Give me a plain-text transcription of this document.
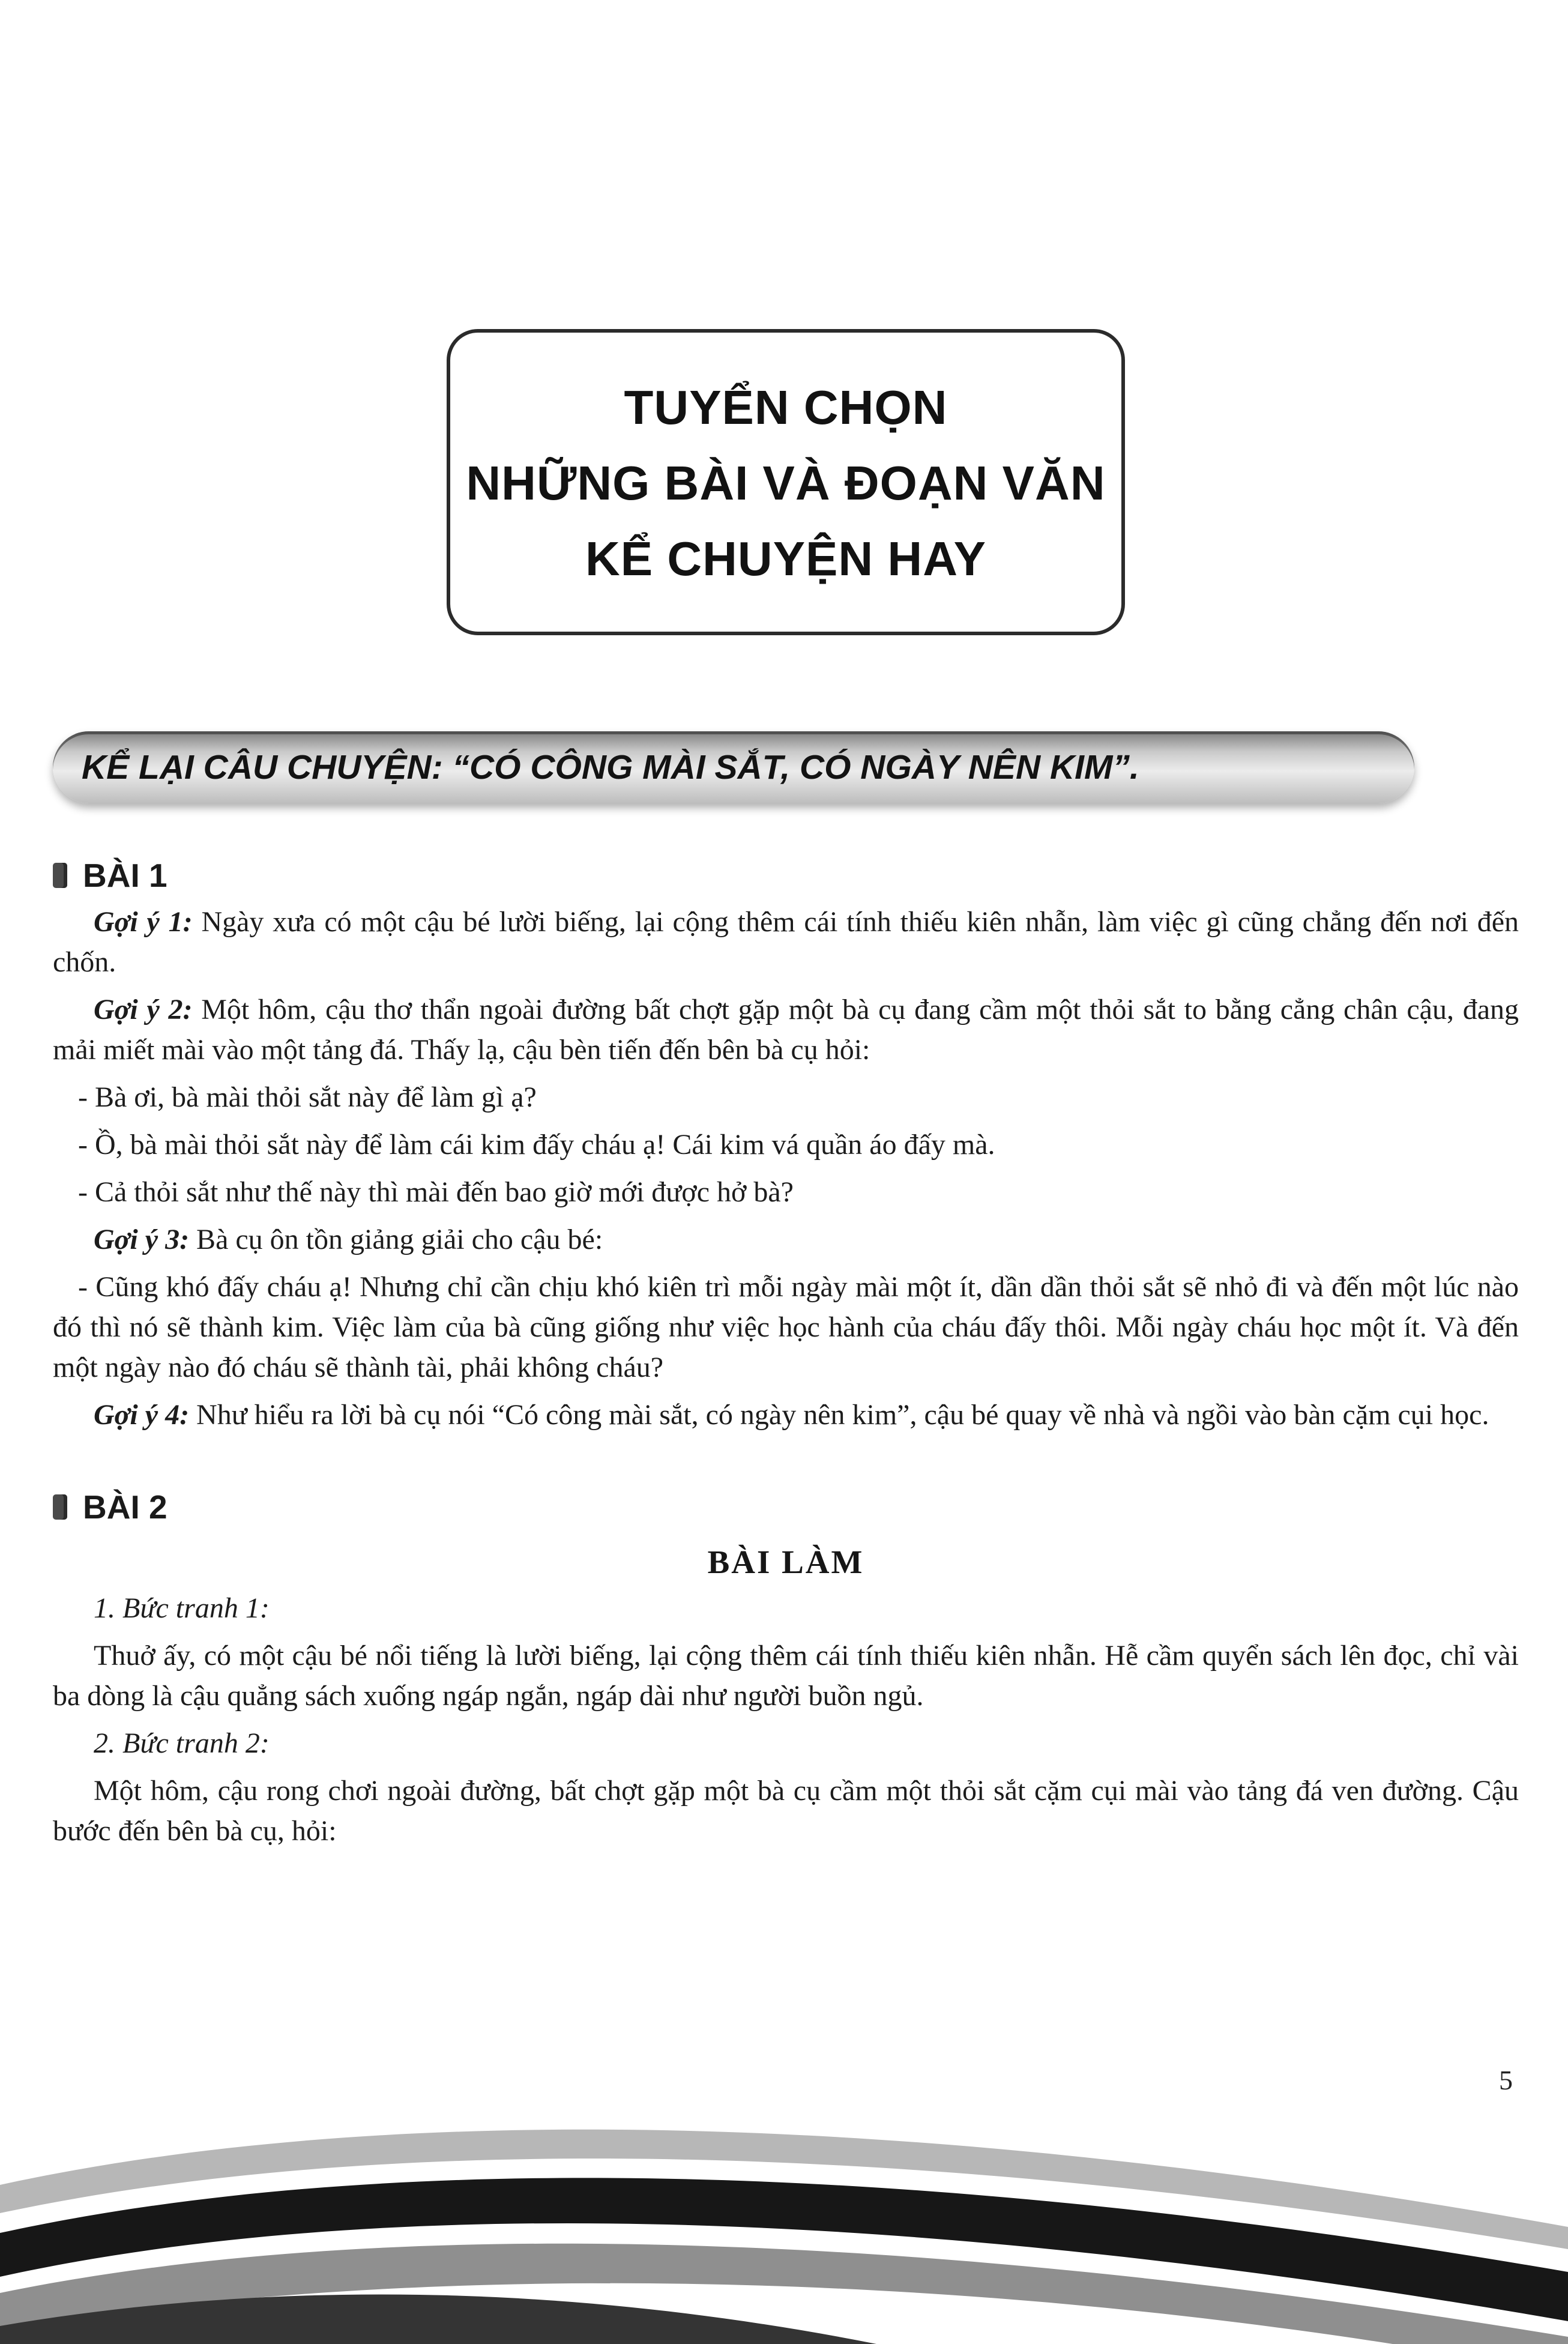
TUYỂN CHỌN
NHỮNG BÀI VÀ ĐOẠN VĂN
KỂ CHUYỆN HAY
KỂ LẠI CÂU CHUYỆN: “CÓ CÔNG MÀI SẮT, CÓ NGÀY NÊN KIM”.
BÀI 1

Gợi ý 1: Ngày xưa có một cậu bé lười biếng, lại cộng thêm cái tính thiếu kiên nhẫn, làm việc gì cũng chẳng đến nơi đến chốn.

Gợi ý 2: Một hôm, cậu thơ thẩn ngoài đường bất chợt gặp một bà cụ đang cầm một thỏi sắt to bằng cẳng chân cậu, đang mải miết mài vào một tảng đá. Thấy lạ, cậu bèn tiến đến bên bà cụ hỏi:

- Bà ơi, bà mài thỏi sắt này để làm gì ạ?

- Ồ, bà mài thỏi sắt này để làm cái kim đấy cháu ạ! Cái kim vá quần áo đấy mà.

- Cả thỏi sắt như thế này thì mài đến bao giờ mới được hở bà?

Gợi ý 3: Bà cụ ôn tồn giảng giải cho cậu bé:

- Cũng khó đấy cháu ạ! Nhưng chỉ cần chịu khó kiên trì mỗi ngày mài một ít, dần dần thỏi sắt sẽ nhỏ đi và đến một lúc nào đó thì nó sẽ thành kim. Việc làm của bà cũng giống như việc học hành của cháu đấy thôi. Mỗi ngày cháu học một ít. Và đến một ngày nào đó cháu sẽ thành tài, phải không cháu?

Gợi ý 4: Như hiểu ra lời bà cụ nói “Có công mài sắt, có ngày nên kim”, cậu bé quay về nhà và ngồi vào bàn cặm cụi học.

BÀI 2
BÀI LÀM

1. Bức tranh 1:

Thuở ấy, có một cậu bé nổi tiếng là lười biếng, lại cộng thêm cái tính thiếu kiên nhẫn. Hễ cầm quyển sách lên đọc, chỉ vài ba dòng là cậu quẳng sách xuống ngáp ngắn, ngáp dài như người buồn ngủ.

2. Bức tranh 2:

Một hôm, cậu rong chơi ngoài đường, bất chợt gặp một bà cụ cầm một thỏi sắt cặm cụi mài vào tảng đá ven đường. Cậu bước đến bên bà cụ, hỏi:

5
